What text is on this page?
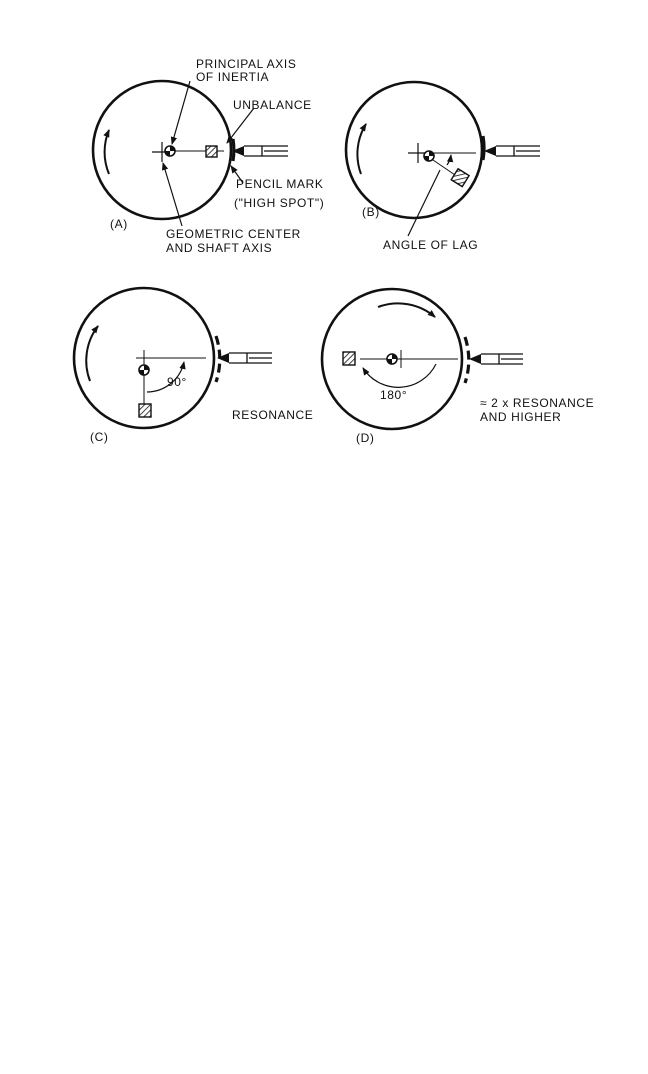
PRINCIPAL AXIS
OF INERTIA
UNBALANCE
PENCIL MARK
("HIGH SPOT")
(A)
GEOMETRIC CENTER
AND SHAFT AXIS
(B)
ANGLE OF LAG
90°
RESONANCE
(C)
180°
≈ 2 x RESONANCE
AND HIGHER
(D)
